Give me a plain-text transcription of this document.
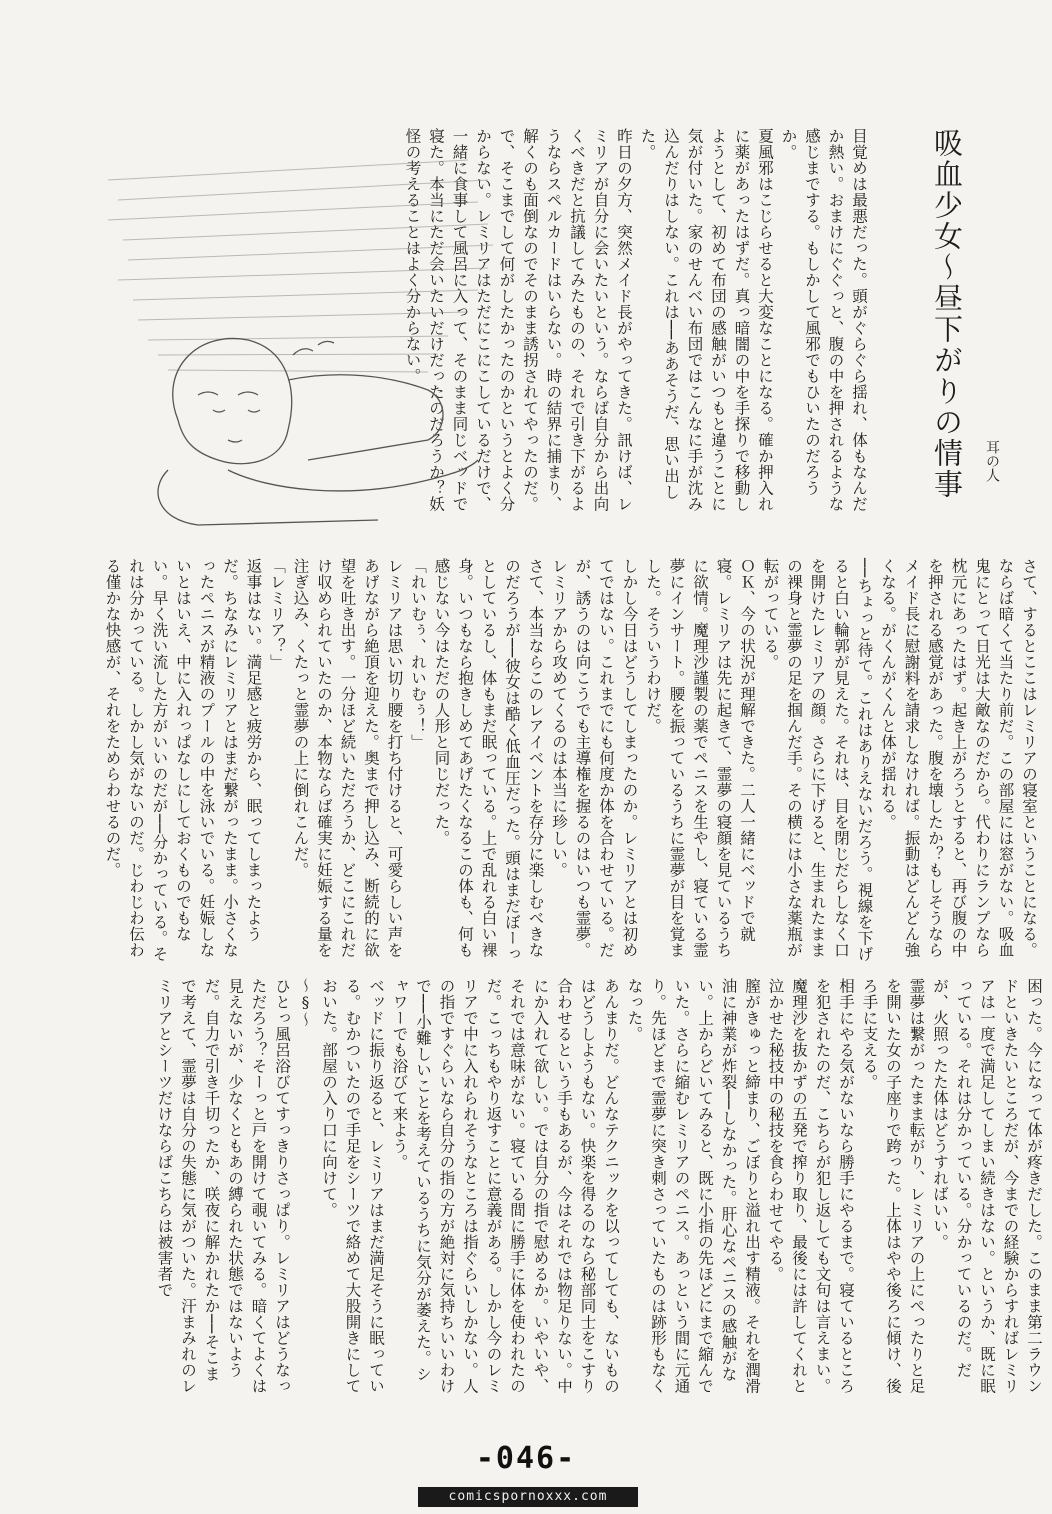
吸血少女〜昼下がりの情事	耳の人

目覚めは最悪だった。頭がぐらぐら揺れ、体もなんだか熱い。おまけにぐぐっと、腹の中を押されるような感じまでする。もしかして風邪でもひいたのだろうか。

夏風邪はこじらせると大変なことになる。確か押入れに薬があったはずだ。真っ暗闇の中を手探りで移動しようとして、初めて布団の感触がいつもと違うことに気が付いた。家のせんべい布団ではこんなに手が沈み込んだりはしない。これは──ああそうだ、思い出した。

昨日の夕方、突然メイド長がやってきた。訊けば、レミリアが自分に会いたいという。ならば自分から出向くべきだと抗議してみたものの、それで引き下がるようならスペルカードはいらない。時の結界に捕まり、解くのも面倒なのでそのまま誘拐されてやったのだ。で、そこまでして何がしたかったのかというとよく分からない。レミリアはただにこにこしているだけで、一緒に食事して風呂に入って、そのまま同じベッドで寝た。本当にただ会いたいだけだったのだろうか？妖怪の考えることはよく分からない。

さて、するとここはレミリアの寝室ということになる。ならば暗くて当たり前だ。この部屋には窓がない。吸血鬼にとって日光は大敵なのだから。代わりにランプなら枕元にあったはず。起き上がろうとすると、再び腹の中を押される感覚があった。腹を壊したか？もしそうならメイド長に慰謝料を請求しなければ。振動はどんどん強くなる。がくんがくんと体が揺れる。

──ちょっと待て。これはありえないだろう。視線を下げると白い輪郭が見えた。それは、目を閉じだらしなく口を開けたレミリアの顔。さらに下げると、生まれたままの裸身と霊夢の足を掴んだ手。その横には小さな薬瓶が転がっている。

ＯＫ、今の状況が理解できた。二人一緒にベッドで就寝。レミリアは先に起きて、霊夢の寝顔を見ているうちに欲情。魔理沙謹製の薬でペニスを生やし、寝ている霊夢にインサート。腰を振っているうちに霊夢が目を覚ました。そういうわけだ。

しかし今日はどうしてしまったのか。レミリアとは初めてではない。これまでにも何度か体を合わせている。だが、誘うのは向こうでも主導権を握るのはいつも霊夢。レミリアから攻めてくるのは本当に珍しい。

さて、本当ならこのレアイベントを存分に楽しむべきなのだろうが──彼女は酷く低血圧だった。頭はまだぼーっとしているし、体もまだ眠っている。上で乱れる白い裸身。いつもなら抱きしめてあげたくなるこの体も、何も感じない今はただの人形と同じだった。

「れいむぅ、れいむぅ！」

レミリアは思い切り腰を打ち付けると、可愛らしい声をあげながら絶頂を迎えた。奥まで押し込み、断続的に欲望を吐き出す。一分ほど続いただろうか、どこにこれだけ収められていたのか、本物ならば確実に妊娠する量を注ぎ込み、くたっと霊夢の上に倒れこんだ。

「レミリア？」

返事はない。満足感と疲労から、眠ってしまったようだ。ちなみにレミリアとはまだ繋がったまま。小さくなったペニスが精液のプールの中を泳いでいる。妊娠しないとはいえ、中に入れっぱなしにしておくものでもない。早く洗い流した方がいいのだが──分かっている。それは分かっている。しかし気がないのだ。じわじわ伝わる僅かな快感が、それをためらわせるのだ。

困った。今になって体が疼きだした。このまま第二ラウンドといきたいところだが、今までの経験からすればレミリアは一度で満足してしまい続きはない。というか、既に眠っている。それは分かっている。分かっているのだ。だが、火照ったた体はどうすればいい。

霊夢は繋がったまま転がり、レミリアの上にぺったりと足を開いた女の子座りで跨った。上体はやや後ろに傾け、後ろ手に支える。

相手にやる気がないなら勝手にやるまで。寝ているところを犯されたのだ、こちらが犯し返しても文句は言えまい。魔理沙を抜かずの五発で搾り取り、最後には許してくれと泣かせた秘技中の秘技を食らわせてやる。

膣がきゅっと締まり、ごぼりと溢れ出す精液。それを潤滑油に神業が炸裂──しなかった。肝心なペニスの感触がない。上からどいてみると、既に小指の先ほどにまで縮んでいた。さらに縮むレミリアのペニス。あっという間に元通り。先ほどまで霊夢に突き刺さっていたものは跡形もなくなった。

あんまりだ。どんなテクニックを以ってしても、ないものはどうしようもない。快楽を得るのなら秘部同士をこすり合わせるという手もあるが、今はそれでは物足りない。中にか入れて欲しい。では自分の指で慰めるか。いやいや、それでは意味がない。寝ている間に勝手に体を使われたのだ。こっちもやり返すことに意義がある。しかし今のレミリアで中に入れられそうなところは指ぐらいしかない。人の指ですぐらいなら自分の指の方が絶対に気持ちいいわけで──小難しいことを考えているうちに気分が萎えた。シャワーでも浴びて来よう。

ベッドに振り返ると、レミリアはまだ満足そうに眠っている。むかついたので手足をシーツで絡めて大股開きにしておいた。部屋の入り口に向けて。

〜§〜

ひとっ風呂浴びてすっきりさっぱり。レミリアはどうなっただろう？そーっと戸を開けて覗いてみる。暗くてよくは見えないが、少なくともあの縛られた状態ではないようだ。自力で引き千切ったか、咲夜に解かれたか──そこまで考えて、霊夢は自分の失態に気がついた。汗まみれのレミリアとシーツだけならばこちらは被害者で

-046-
comicspornoxxx.com
